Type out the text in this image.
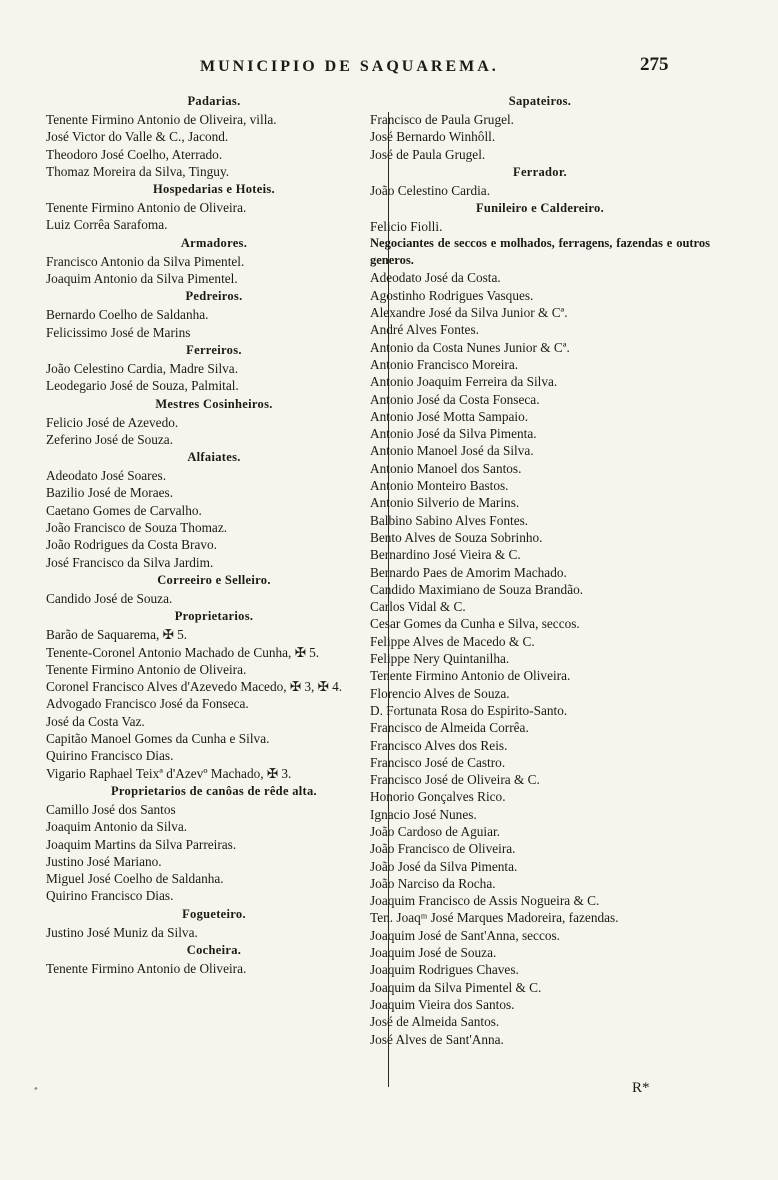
MUNICIPIO DE SAQUAREMA.	275
Padarias.
Tenente Firmino Antonio de Oliveira, villa.
José Victor do Valle & C., Jacond.
Theodoro José Coelho, Aterrado.
Thomaz Moreira da Silva, Tinguy.
Hospedarias e Hoteis.
Tenente Firmino Antonio de Oliveira.
Luiz Corrêa Sarafoma.
Armadores.
Francisco Antonio da Silva Pimentel.
Joaquim Antonio da Silva Pimentel.
Pedreiros.
Bernardo Coelho de Saldanha.
Felicissimo José de Marins
Ferreiros.
João Celestino Cardia, Madre Silva.
Leodegario José de Souza, Palmital.
Mestres Cosinheiros.
Felicio José de Azevedo.
Zeferino José de Souza.
Alfaiates.
Adeodato José Soares.
Bazilio José de Moraes.
Caetano Gomes de Carvalho.
João Francisco de Souza Thomaz.
João Rodrigues da Costa Bravo.
José Francisco da Silva Jardim.
Correeiro e Selleiro.
Candido José de Souza.
Proprietarios.
Barão de Saquarema, ✠ 5.
Tenente-Coronel Antonio Machado de Cunha, ✠ 5.
Tenente Firmino Antonio de Oliveira.
Coronel Francisco Alves d'Azevedo Macedo, ✠ 3, ✠ 4.
Advogado Francisco José da Fonseca.
José da Costa Vaz.
Capitão Manoel Gomes da Cunha e Silva.
Quirino Francisco Dias.
Vigario Raphael Teixª d'Azevº Machado, ✠ 3.
Proprietarios de canôas de rêde alta.
Camillo José dos Santos
Joaquim Antonio da Silva.
Joaquim Martins da Silva Parreiras.
Justino José Mariano.
Miguel José Coelho de Saldanha.
Quirino Francisco Dias.
Fogueteiro.
Justino José Muniz da Silva.
Cocheira.
Tenente Firmino Antonio de Oliveira.
Sapateiros.
Francisco de Paula Grugel.
José Bernardo Winhôll.
José de Paula Grugel.
Ferrador.
João Celestino Cardia.
Funileiro e Caldereiro.
Felicio Fiolli.
Negociantes de seccos e molhados, ferragens, fazendas e outros generos.
Adeodato José da Costa.
Agostinho Rodrigues Vasques.
Alexandre José da Silva Junior & Cª.
André Alves Fontes.
Antonio da Costa Nunes Junior & Cª.
Antonio Francisco Moreira.
Antonio Joaquim Ferreira da Silva.
Antonio José da Costa Fonseca.
Antonio José Motta Sampaio.
Antonio José da Silva Pimenta.
Antonio Manoel José da Silva.
Antonio Manoel dos Santos.
Antonio Monteiro Bastos.
Antonio Silverio de Marins.
Balbino Sabino Alves Fontes.
Bento Alves de Souza Sobrinho.
Bernardino José Vieira & C.
Bernardo Paes de Amorim Machado.
Candido Maximiano de Souza Brandão.
Carlos Vidal & C.
Cesar Gomes da Cunha e Silva, seccos.
Felippe Alves de Macedo & C.
Felippe Nery Quintanilha.
Tenente Firmino Antonio de Oliveira.
Florencio Alves de Souza.
D. Fortunata Rosa do Espirito-Santo.
Francisco de Almeida Corrêa.
Francisco Alves dos Reis.
Francisco José de Castro.
Francisco José de Oliveira & C.
Honorio Gonçalves Rico.
Ignacio José Nunes.
João Cardoso de Aguiar.
João Francisco de Oliveira.
João José da Silva Pimenta.
João Narciso da Rocha.
Joaquim Francisco de Assis Nogueira & C.
Ten. Joaqᵐ José Marques Madoreira, fazendas.
Joaquim José de Sant'Anna, seccos.
Joaquim José de Souza.
Joaquim Rodrigues Chaves.
Joaquim da Silva Pimentel & C.
Joaquim Vieira dos Santos.
José de Almeida Santos.
José Alves de Sant'Anna.
ﾞ	R*
